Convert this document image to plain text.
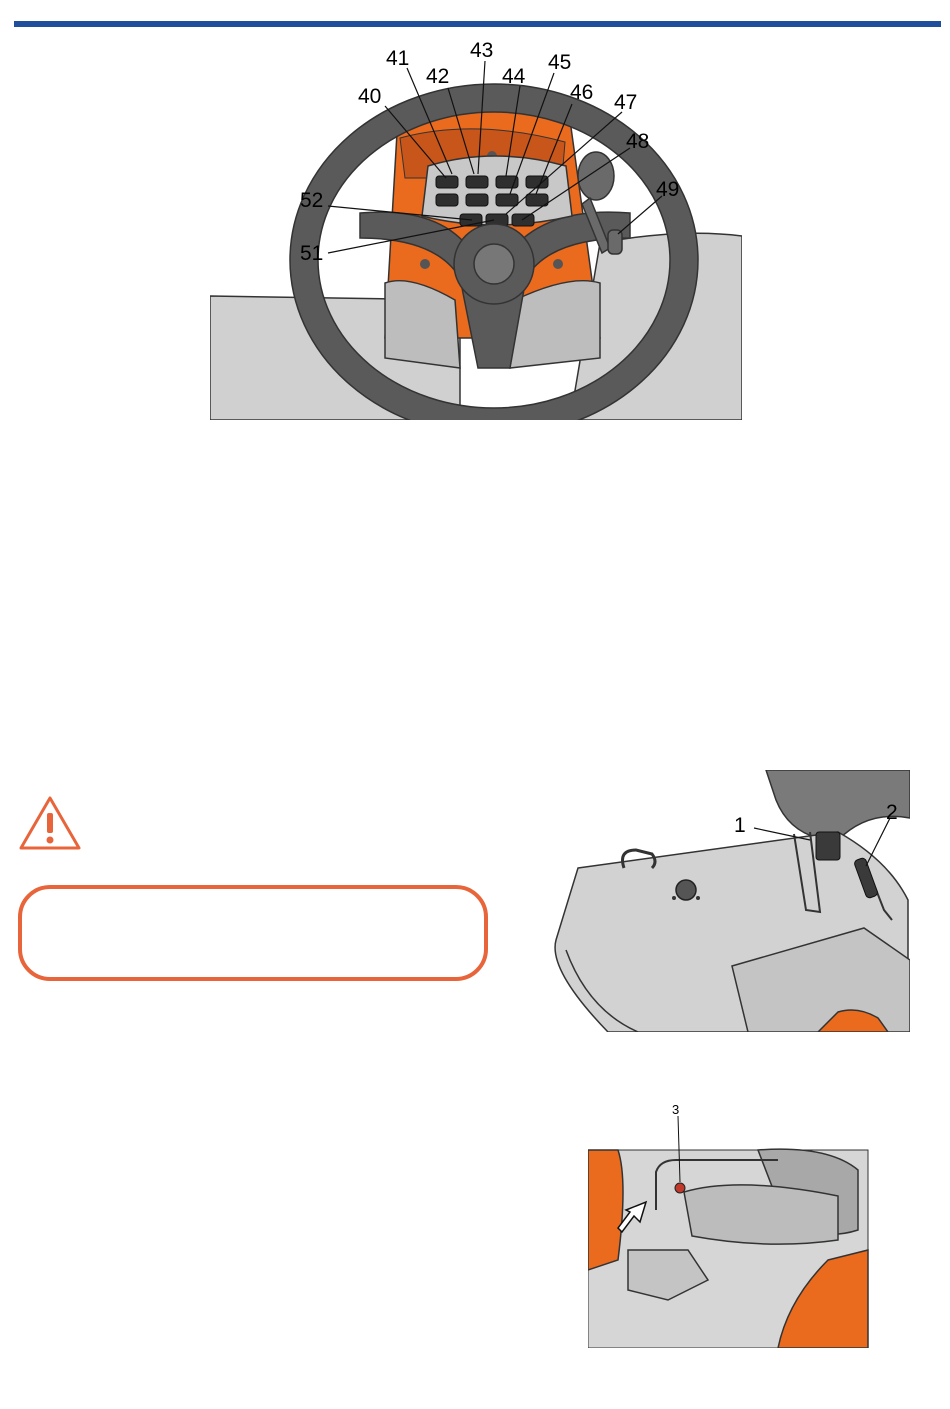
40
41
42
43
44
45
46 47
48
49
51
52
1
2
3
